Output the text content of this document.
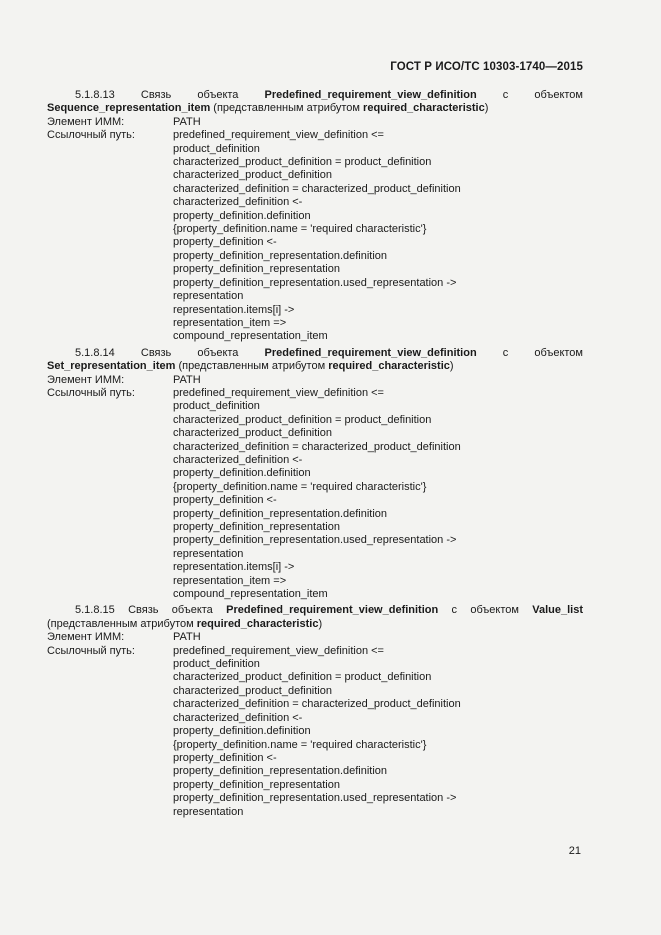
ГОСТ Р ИСО/ТС 10303-1740—2015

5.1.8.13 Связь объекта Predefined_requirement_view_definition с объектом Sequence_representation_item (представленным атрибутом required_characteristic)

Элемент ИММ:	PATH
Ссылочный путь:	predefined_requirement_view_definition <=
product_definition
characterized_product_definition = product_definition
characterized_product_definition
characterized_definition = characterized_product_definition
characterized_definition <-
property_definition.definition
{property_definition.name = 'required characteristic'}
property_definition <-
property_definition_representation.definition
property_definition_representation
property_definition_representation.used_representation ->
representation
representation.items[i] ->
representation_item =>
compound_representation_item

5.1.8.14 Связь объекта Predefined_requirement_view_definition с объектом Set_representation_item (представленным атрибутом required_characteristic)

Элемент ИММ:	PATH
Ссылочный путь:	predefined_requirement_view_definition <=
product_definition
characterized_product_definition = product_definition
characterized_product_definition
characterized_definition = characterized_product_definition
characterized_definition <-
property_definition.definition
{property_definition.name = 'required characteristic'}
property_definition <-
property_definition_representation.definition
property_definition_representation
property_definition_representation.used_representation ->
representation
representation.items[i] ->
representation_item =>
compound_representation_item

5.1.8.15 Связь объекта Predefined_requirement_view_definition с объектом Value_list (представленным атрибутом required_characteristic)

Элемент ИММ:	PATH
Ссылочный путь:	predefined_requirement_view_definition <=
product_definition
characterized_product_definition = product_definition
characterized_product_definition
characterized_definition = characterized_product_definition
characterized_definition <-
property_definition.definition
{property_definition.name = 'required characteristic'}
property_definition <-
property_definition_representation.definition
property_definition_representation
property_definition_representation.used_representation ->
representation
21
